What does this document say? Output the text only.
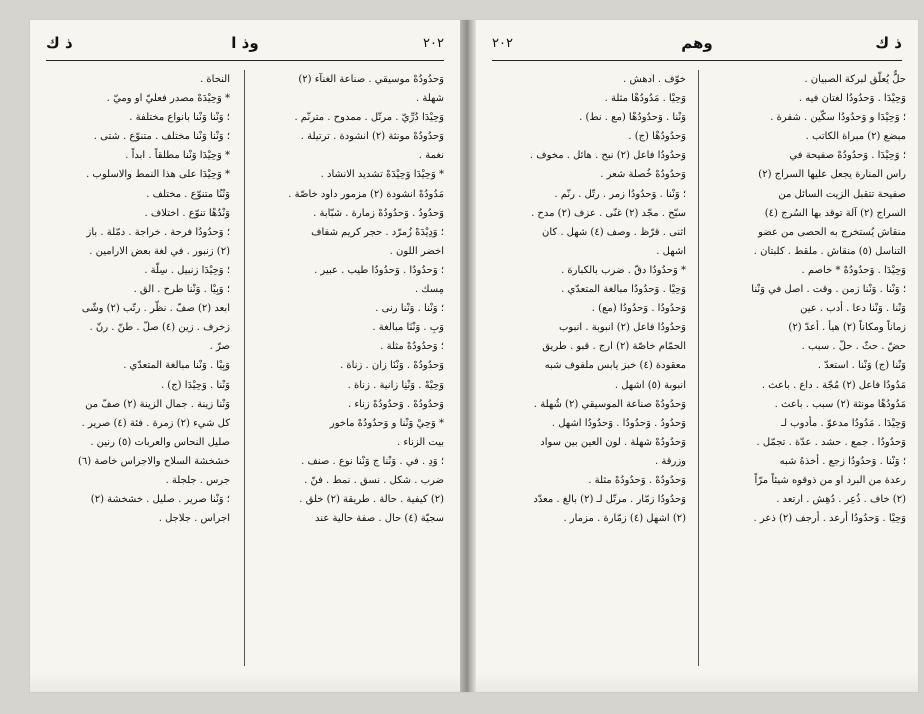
ذ ك	وذ ا	٢٠٢
وَحدُودُهْ موسيقي . صناعة الغنآء (٢)
شهلة .
وَحِيْدَا دُرِّيّ . مرتّل . ممدوح . مترنّم .
وَحدُودُهْ مونثة (٢) انشودة . ترتيلة .
نغمة .
* وَحِيْدَا وَحِيْدَهْ تشديد الانشاد .
مَدُودُهْ انشودة (٢) مزمور داود خاصّة .
وَحدُودُ . وَحدُودُهْ زمارة . شبّابة .
؛ وَدِيْدَهْ زُمرّد . حجر كريم شفاف
اخضر اللون .
؛ وَحدُودُا . وَحدُودُا طيب . عبير .
مِسك .
؛ وَنْنا . وَنْنا رنى .
وَبِ . وَنْنَا مبالغة .
؛ وَحدُودُهْ مثلة .
وَحدُودُهْ . وَنْنَا زان . زناة .
وَحِيْهْ . وَنْنِا زانية . زناة .
وَحدُودُهْ . وَحدُودُهْ زناء .
* وَحِيْ وَنْنا و وَحدُودُهْ ماخور
بيت الزناء .
؛ وَدِ . في . وَنْنا ج وَنْنا نوع . صنف .
ضرب . شكل . نسق . نمط . فنّ .
(٢) كيفية . حالة . طريقة (٢) خلق .
سجيّة (٤) حال . صفة حالية عند
النحاة .
* وَحِيْدَهْ مصدر فعليّ او وميّ .
؛ وَنْنا وَنْنا بانواع مختلفة .
؛ وَنْنا وَنْنا مختلف . متنوّع . شتى .
* وَحِيْدَا وَنْنا مطلقاً . ابداً .
* وَحِيْدَا على هذا النمط والاسلوب .
وَنْنُا متنوّع . مختلف .
وَنْدُهْا تنوّع . اختلاف .
؛ وَحدُودُا فرحة . خراجة . دمّلة . باز
(٢) زنبور . في لغة بعض الارامين .
؛ وَحِيْدَا زنبيل . سِلّة .
؛ وَبِيْا . وَنْنا طرح . الق .
ابعد (٢) صفّ . نظّر . رتّب (٢) وشّى
زخرف . زين (٤) صلّ . طنّ . رنّ .
صرّ .
وَبِيْا . وَنْنا مبالغة المتعدّي .
وَنْنا . وَحِيْدَا (ج) .
وَنْنا زينة . جمال الزينة (٢) صفّ من
كل شيء (٢) زمرة . فئة (٤) صرير .
صليل النحاس والعربات (٥) رنين .
خشخشة السلاح والاجراس خاصة (٦)
جرس . جلجلة .
؛ وَنْنا صرير . صليل . خشخشة (٢)
اجراس . جلاجل .
٢٠٢	وهم	ذ ك
حلٌّ يُعلّق لبركة الصبيان .
وَحِيْدَا . وَحدُودُا لغتان فيه .
؛ وَحِيْدَا و وَحدُودُا سكّين . شفرة .
مبضع (٢) مبراة الكاتب .
؛ وَحِيْدَا . وَحدُودُهْ صفيحة في
راس المنارة يجعل عليها السراج (٢)
صفيحة تتقبل الزيت السائل من
السراج (٢) آلة توقد بها السُرج (٤)
منقاش يُستخرج به الحصى من عضو
التناسل (٥) منقاش . ملقط . كلبتان .
وَحِيْدَا . وَحدُودُهْ * خاصم .
؛ وَنْنا . وَنْنا زمن . وقت . اصل في وَنْنا
وَنْنا . وَنْنا دعا . أدب . عين
زماناً ومكاناً (٢) هيأ . أعدّ (٢)
حضّ . حثّ . حلّ . سبب .
وَنْنا (ج) وَنْنا . استعدّ .
مَدُودُا فاعل (٢) مُجّة . داع . باعث .
مَدُودُهْا مونثة (٢) سبب . باعث .
وَحِيْدَا . مَدُودُا مدعوّ . مأدوب لـ
وَحدُودُا . جمع . حشد . عدّة . تجمّل .
؛ وَنْنا . وَحدُودُا زجع . أخذهُ شبه
رعدة من البرد او من ذوقوه شيئاً مرّاً
(٢) خاف . ذُعِر . دُهِش . ارتعد .
وَحِيْا . وَحدُودُا أرعد . أرجف (٢) ذعر .
خوّف . ادهش .
وَحِيْا . مَدُودُهْا مثلة .
وَنْنا . وَحدُودُهْا (مع . نط) .
وَحدُودُهْا (ج) .
وَحدُودُا فاعل (٢) نبح . هائل . مخوف .
وَحدُودُهْ خُصلة شعر .
؛ وَنْنا . وَحدُودُا زمر . رتّل . رنّم .
سبّح . مجّد (٢) غنّى . عزف (٢) مدح .
اثنى . قرّظ . وصف (٤) شهل . كان
اشهل .
* وَحدُودُا دقّ . ضرب بالكبارة .
وَحِيْا . وَحدُودُا مبالغة المتعدّي .
وَحدُودُا . وَحدُودُا (مع) .
وَحدُودُا فاعل (٢) انبوبة . انبوب
الحمّام خاصّة (٢) ارج . قبو . طريق
معقودة (٤) خبز يابس ملفوف شبه
انبوبة (٥) اشهل .
وَحدُودُهْ صناعة الموسيقي (٢) شُهلة .
وَحدُودُ . وَحدُودُا . وَحدُودُا اشهل .
وَحدُودُهْ شهلة . لون العين بين سواد
وزرقة .
وَحدُودُهْ . وَحدُودُهْ مثلة .
وَحدُودُا زمّار . مرتّل لـ (٢) بالغ . معدّد
(٢) اشهل (٤) زمّارة . مزمار .
